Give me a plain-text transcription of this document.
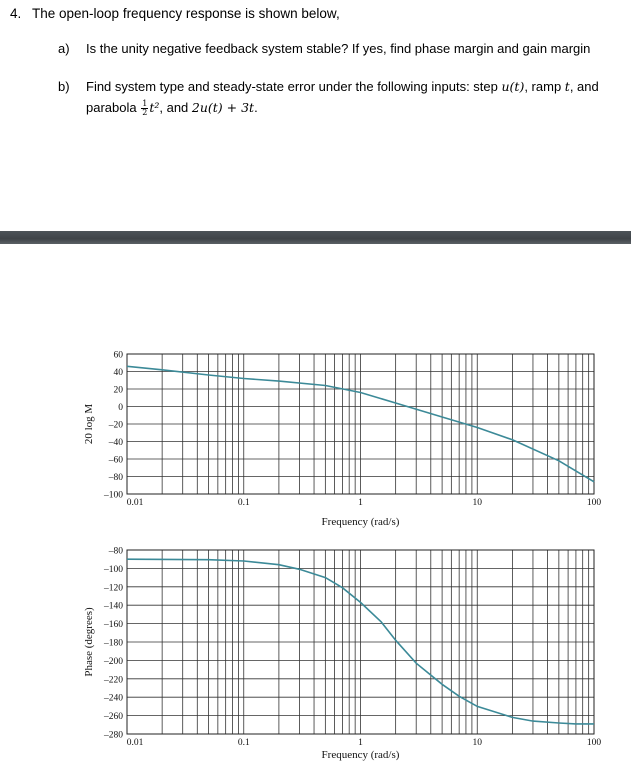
4. The open-loop frequency response is shown below,
a) Is the unity negative feedback system stable? If yes, find phase margin and gain margin
b) Find system type and steady-state error under the following inputs: step u(t), ramp t, and
parabola $\frac{1}{2} t^2$, and 2u(t) + 3t.
60
40
20
0
–20
–40
–60
–80
–100
0.01	0.1	1	10	100
Frequency (rad/s)
20 log M
–80
–100
–120
–140
–160
–180
–200
–220
–240
–260
–280
0.01	0.1	1	10	100
Frequency (rad/s)
Phase (degrees)
